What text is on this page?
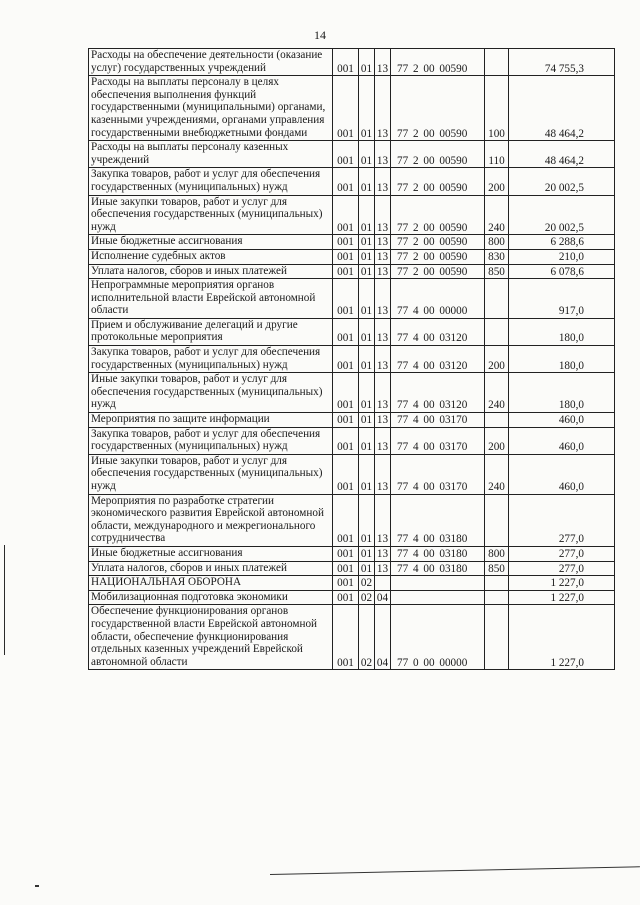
14
Расходы на обеспечение деятельности (оказание услуг) государственных учреждений	001	01	13	77 2 00 00590		74 755,3
Расходы на выплаты персоналу в целях обеспечения выполнения функций государственными (муниципальными) органами, казенными учреждениями, органами управления государственными внебюджетными фондами	001	01	13	77 2 00 00590	100	48 464,2
Расходы на выплаты персоналу казенных учреждений	001	01	13	77 2 00 00590	110	48 464,2
Закупка товаров, работ и услуг для обеспечения государственных (муниципальных) нужд	001	01	13	77 2 00 00590	200	20 002,5
Иные закупки товаров, работ и услуг для обеспечения государственных (муниципальных) нужд	001	01	13	77 2 00 00590	240	20 002,5
Иные бюджетные ассигнования	001	01	13	77 2 00 00590	800	6 288,6
Исполнение судебных актов	001	01	13	77 2 00 00590	830	210,0
Уплата налогов, сборов и иных платежей	001	01	13	77 2 00 00590	850	6 078,6
Непрограммные мероприятия органов исполнительной власти Еврейской автономной области	001	01	13	77 4 00 00000		917,0
Прием и обслуживание делегаций и другие протокольные мероприятия	001	01	13	77 4 00 03120		180,0
Закупка товаров, работ и услуг для обеспечения государственных (муниципальных) нужд	001	01	13	77 4 00 03120	200	180,0
Иные закупки товаров, работ и услуг для обеспечения государственных (муниципальных) нужд	001	01	13	77 4 00 03120	240	180,0
Мероприятия по защите информации	001	01	13	77 4 00 03170		460,0
Закупка товаров, работ и услуг для обеспечения государственных (муниципальных) нужд	001	01	13	77 4 00 03170	200	460,0
Иные закупки товаров, работ и услуг для обеспечения государственных (муниципальных) нужд	001	01	13	77 4 00 03170	240	460,0
Мероприятия по разработке стратегии экономического развития Еврейской автономной области, международного и межрегионального сотрудничества	001	01	13	77 4 00 03180		277,0
Иные бюджетные ассигнования	001	01	13	77 4 00 03180	800	277,0
Уплата налогов, сборов и иных платежей	001	01	13	77 4 00 03180	850	277,0
НАЦИОНАЛЬНАЯ ОБОРОНА	001	02				1 227,0
Мобилизационная подготовка экономики	001	02	04			1 227,0
Обеспечение функционирования органов государственной власти Еврейской автономной области, обеспечение функционирования отдельных казенных учреждений Еврейской автономной области	001	02	04	77 0 00 00000		1 227,0
